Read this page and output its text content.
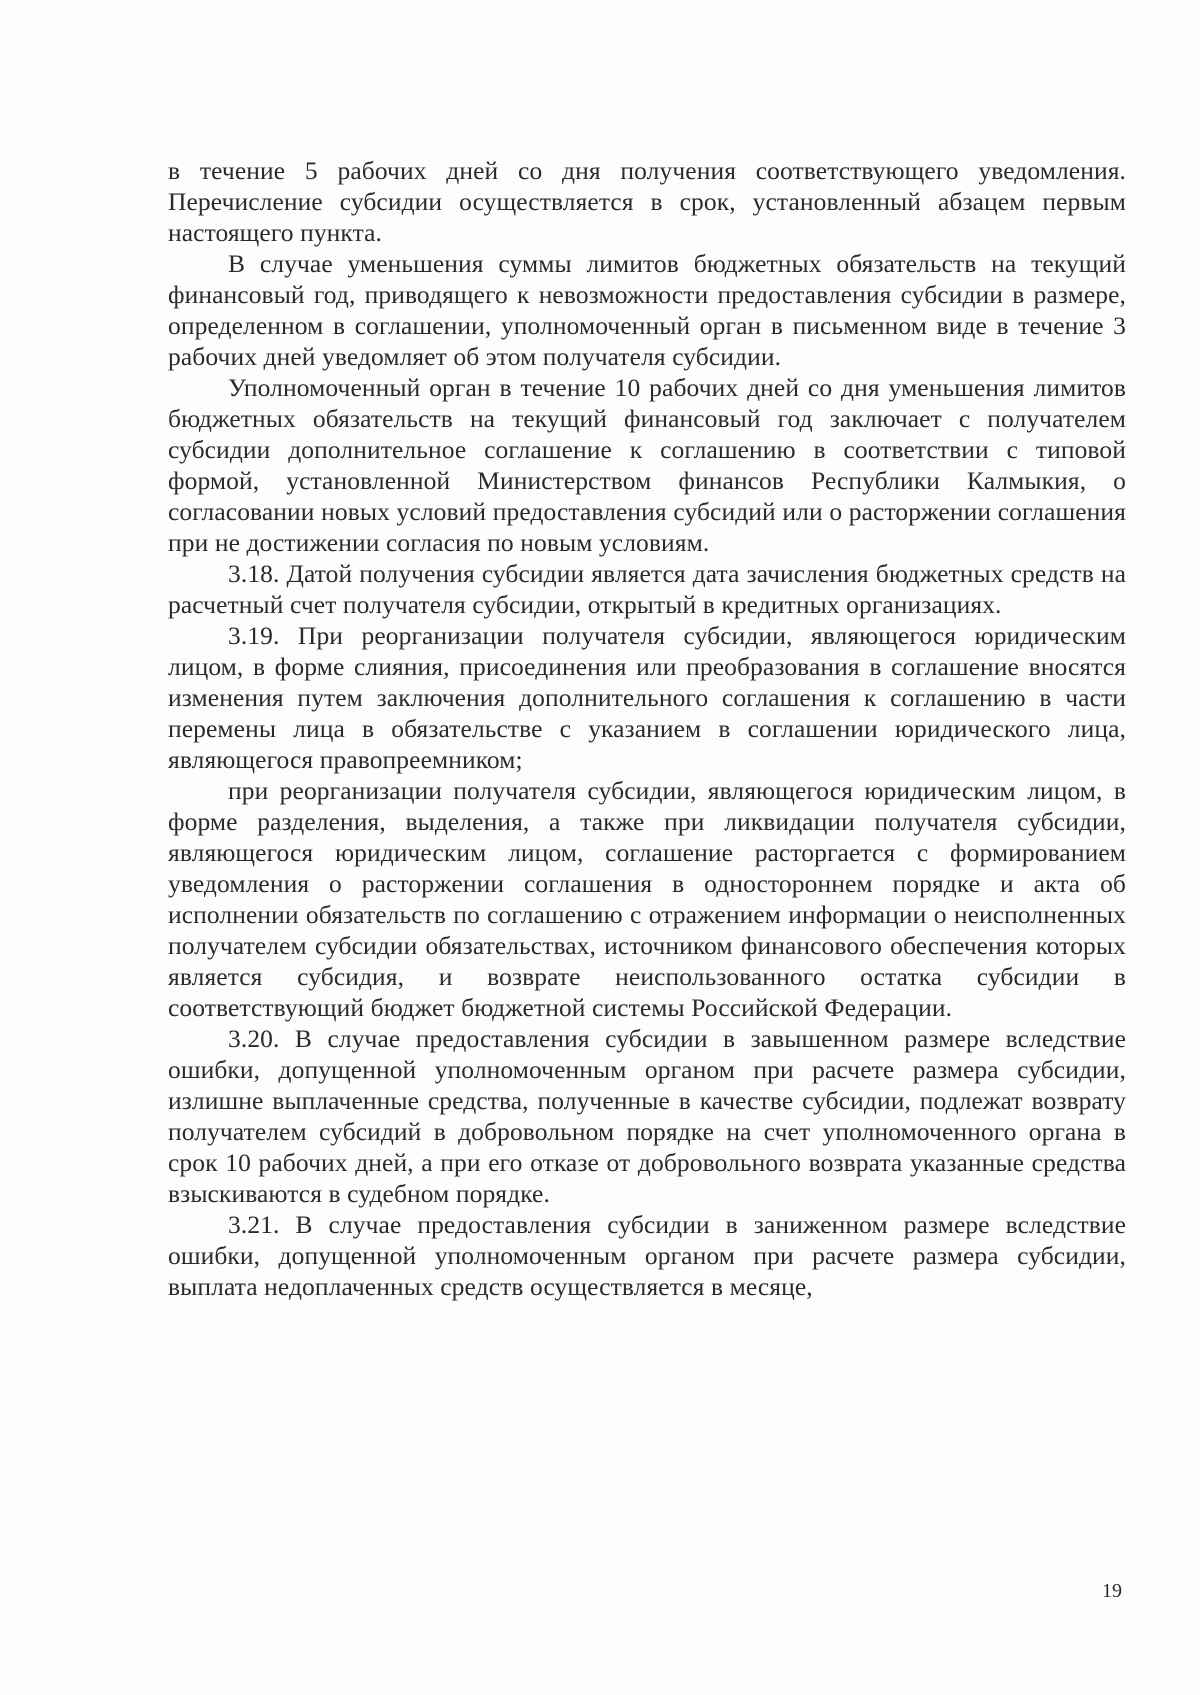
в течение 5 рабочих дней со дня получения соответствующего уведомления. Перечисление субсидии осуществляется в срок, установленный абзацем первым настоящего пункта.

В случае уменьшения суммы лимитов бюджетных обязательств на текущий финансовый год, приводящего к невозможности предоставления субсидии в размере, определенном в соглашении, уполномоченный орган в письменном виде в течение 3 рабочих дней уведомляет об этом получателя субсидии.

Уполномоченный орган в течение 10 рабочих дней со дня уменьшения лимитов бюджетных обязательств на текущий финансовый год заключает с получателем субсидии дополнительное соглашение к соглашению в соответствии с типовой формой, установленной Министерством финансов Республики Калмыкия, о согласовании новых условий предоставления субсидий или о расторжении соглашения при не достижении согласия по новым условиям.

3.18. Датой получения субсидии является дата зачисления бюджетных средств на расчетный счет получателя субсидии, открытый в кредитных организациях.

3.19. При реорганизации получателя субсидии, являющегося юридическим лицом, в форме слияния, присоединения или преобразования в соглашение вносятся изменения путем заключения дополнительного соглашения к соглашению в части перемены лица в обязательстве с указанием в соглашении юридического лица, являющегося правопреемником;

при реорганизации получателя субсидии, являющегося юридическим лицом, в форме разделения, выделения, а также при ликвидации получателя субсидии, являющегося юридическим лицом, соглашение расторгается с формированием уведомления о расторжении соглашения в одностороннем порядке и акта об исполнении обязательств по соглашению с отражением информации о неисполненных получателем субсидии обязательствах, источником финансового обеспечения которых является субсидия, и возврате неиспользованного остатка субсидии в соответствующий бюджет бюджетной системы Российской Федерации.

3.20. В случае предоставления субсидии в завышенном размере вследствие ошибки, допущенной уполномоченным органом при расчете размера субсидии, излишне выплаченные средства, полученные в качестве субсидии, подлежат возврату получателем субсидий в добровольном порядке на счет уполномоченного органа в срок 10 рабочих дней, а при его отказе от добровольного возврата указанные средства взыскиваются в судебном порядке.

3.21. В случае предоставления субсидии в заниженном размере вследствие ошибки, допущенной уполномоченным органом при расчете размера субсидии, выплата недоплаченных средств осуществляется в месяце,

19
